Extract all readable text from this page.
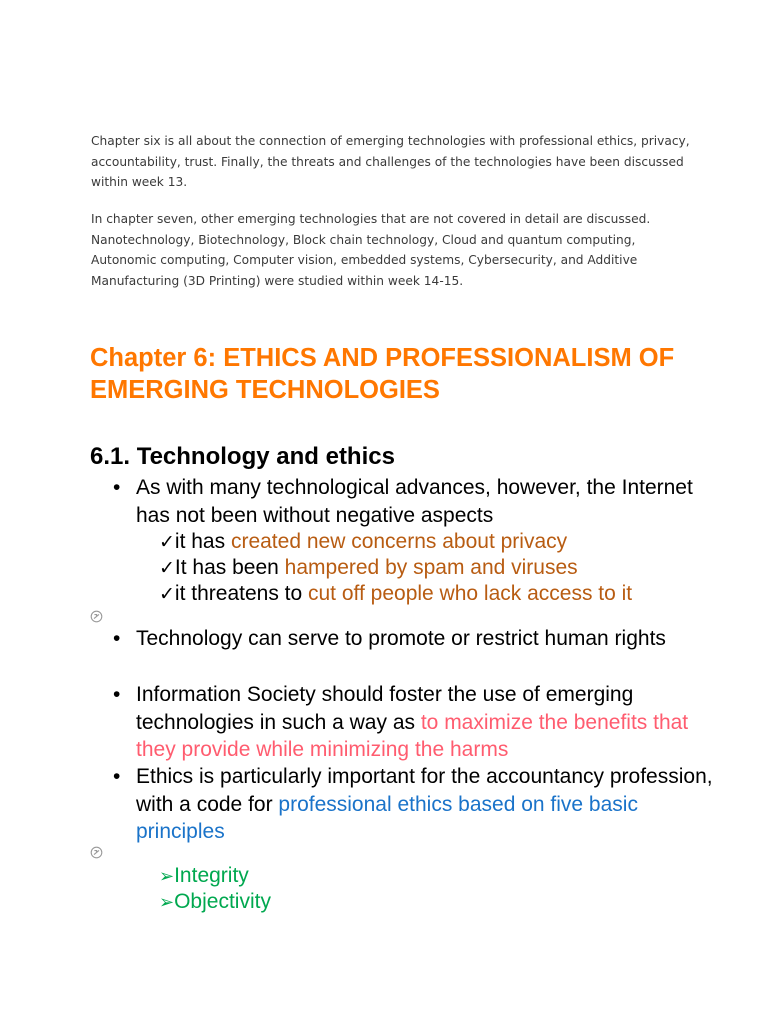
Chapter six is all about the connection of emerging technologies with professional ethics, privacy, accountability, trust. Finally, the threats and challenges of the technologies have been discussed within week 13.

In chapter seven, other emerging technologies that are not covered in detail are discussed. Nanotechnology, Biotechnology, Block chain technology, Cloud and quantum computing, Autonomic computing, Computer vision, embedded systems, Cybersecurity, and Additive Manufacturing (3D Printing) were studied within week 14-15.

Chapter 6: ETHICS AND PROFESSIONALISM OF EMERGING TECHNOLOGIES
6.1. Technology and ethics
• As with many technological advances, however, the Internet has not been without negative aspects
✓it has created new concerns about privacy
✓It has been hampered by spam and viruses
✓it threatens to cut off people who lack access to it
• Technology can serve to promote or restrict human rights
• Information Society should foster the use of emerging technologies in such a way as to maximize the benefits that they provide while minimizing the harms
• Ethics is particularly important for the accountancy profession, with a code for professional ethics based on five basic principles
➢Integrity
➢Objectivity
